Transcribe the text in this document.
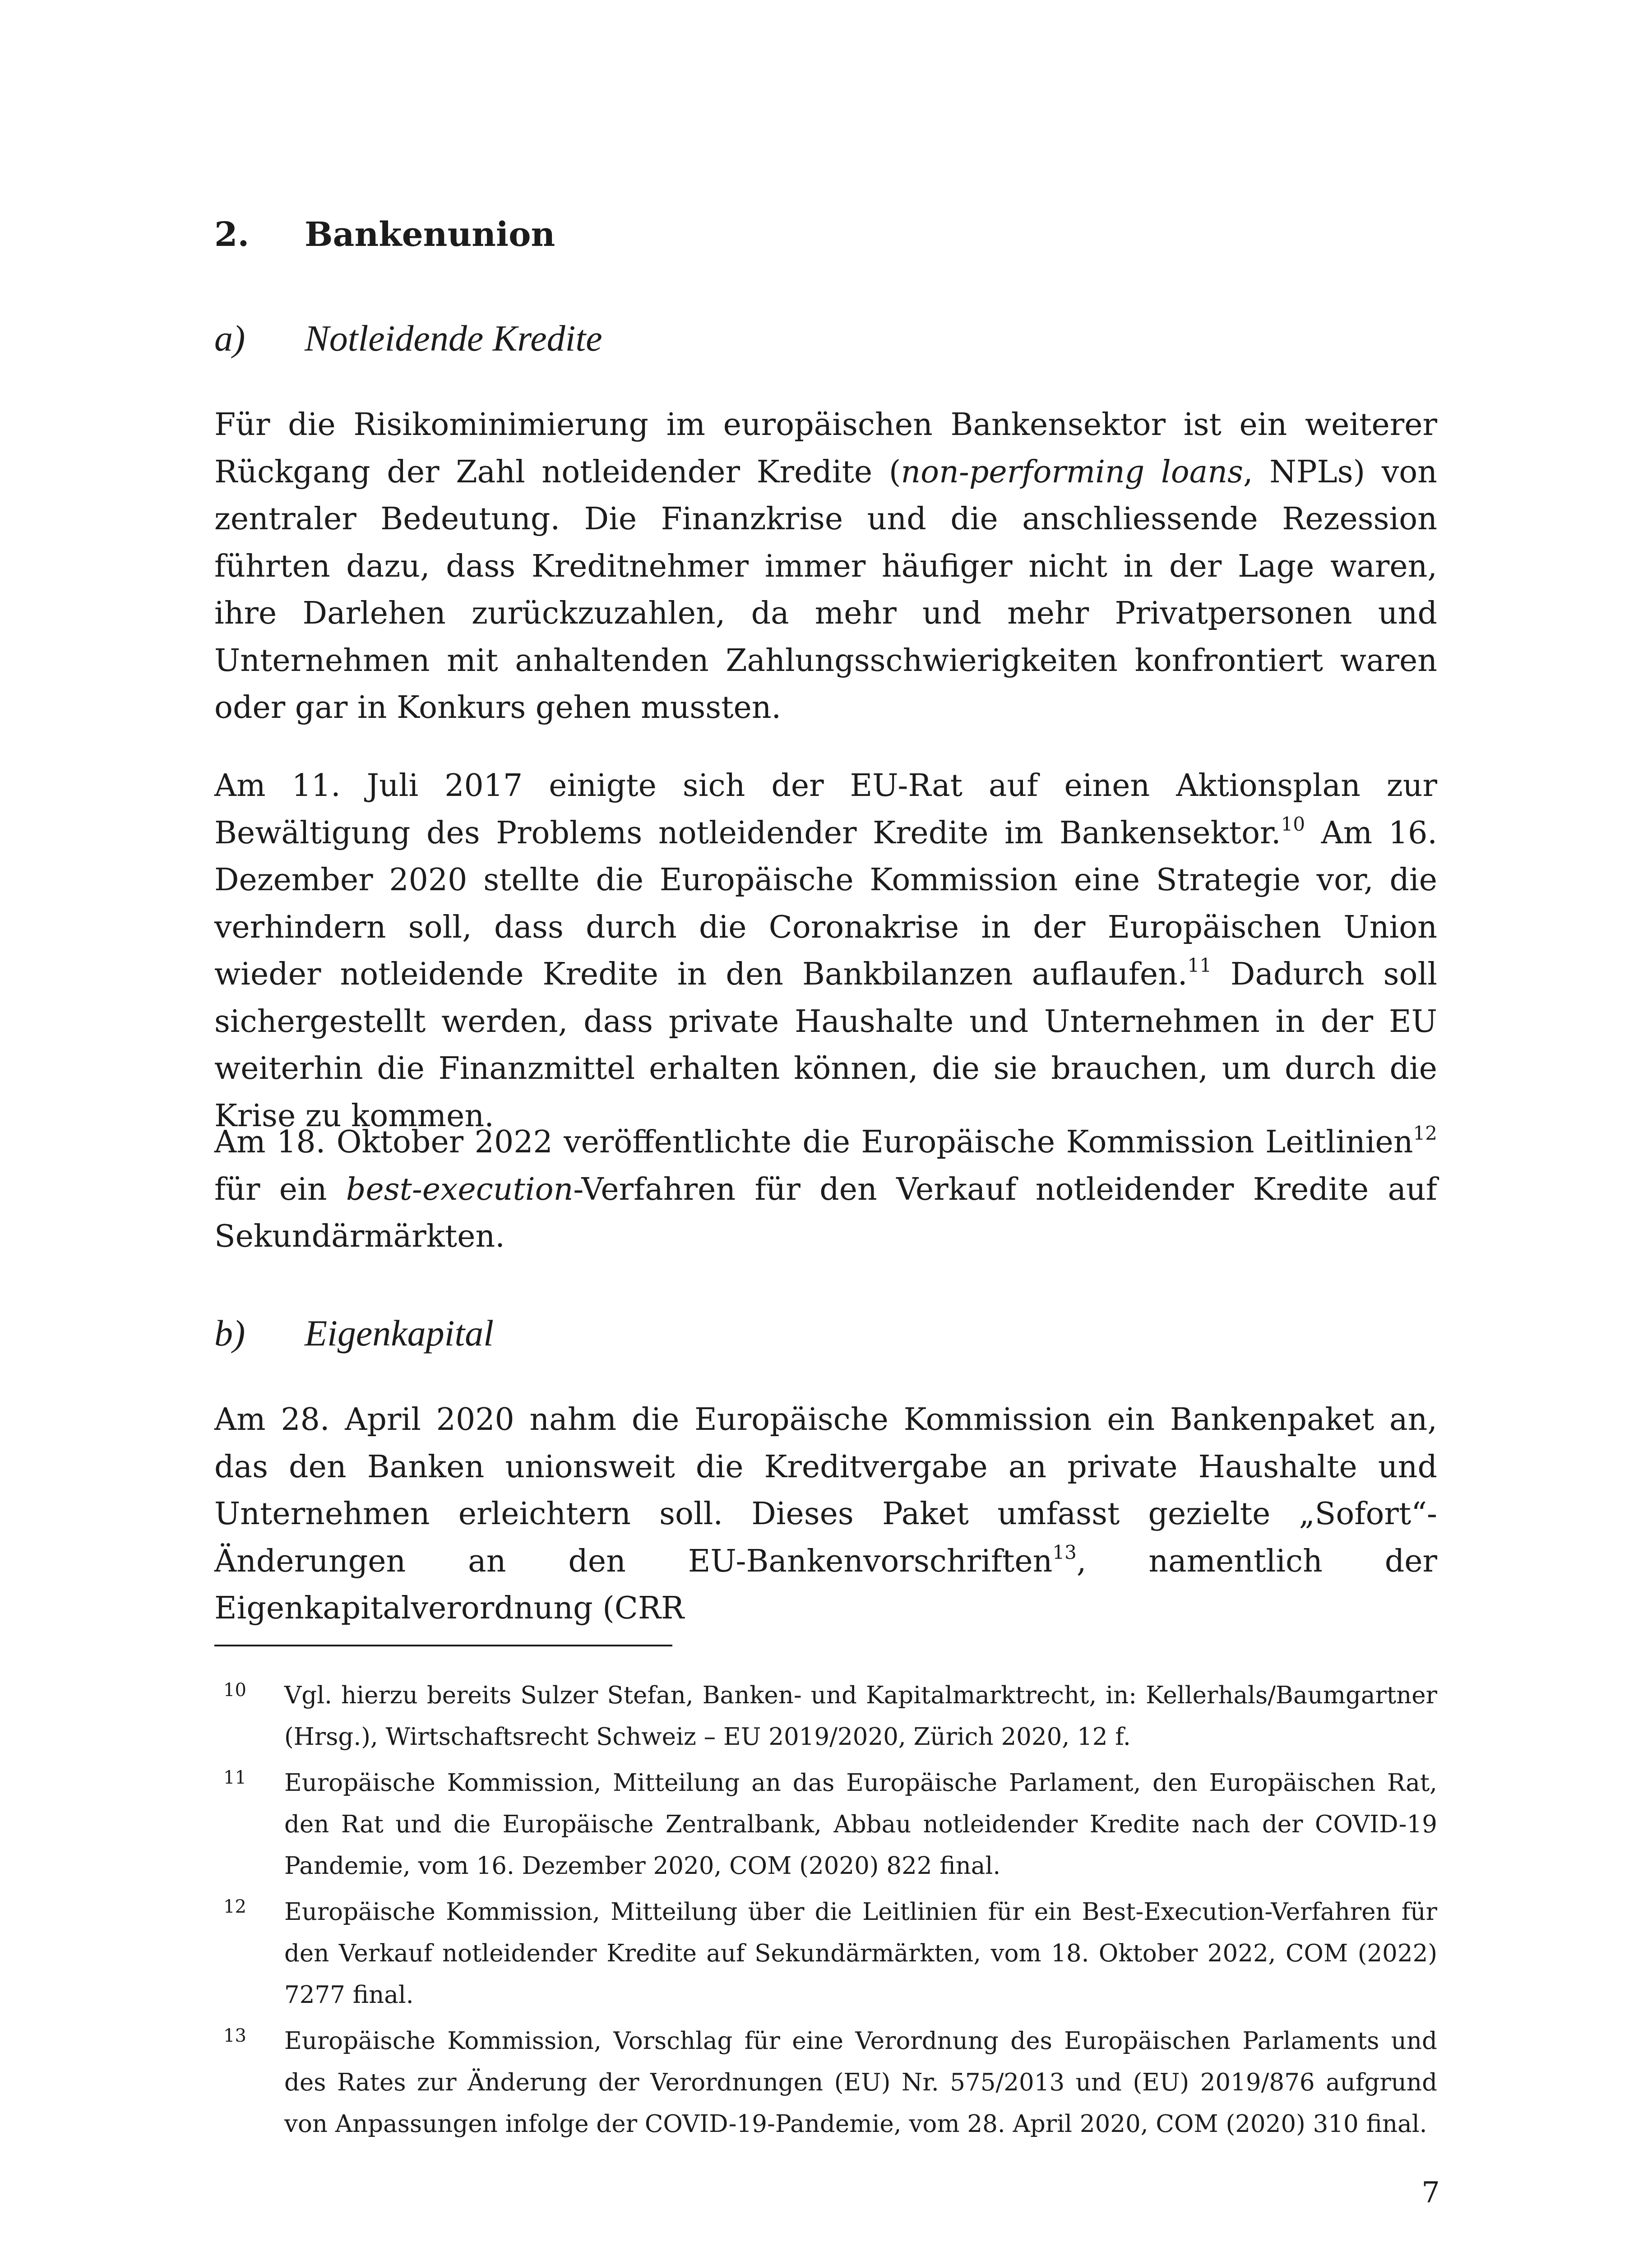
2. Bankenunion
a) Notleidende Kredite

Für die Risikominimierung im europäischen Bankensektor ist ein weiterer Rückgang der Zahl notleidender Kredite (non-performing loans, NPLs) von zentraler Bedeutung. Die Finanzkrise und die anschliessende Rezession führten dazu, dass Kreditnehmer immer häufiger nicht in der Lage waren, ihre Darlehen zurückzuzahlen, da mehr und mehr Privatpersonen und Unternehmen mit anhaltenden Zahlungsschwierigkeiten konfrontiert waren oder gar in Konkurs gehen mussten.

Am 11. Juli 2017 einigte sich der EU-Rat auf einen Aktionsplan zur Bewältigung des Problems notleidender Kredite im Bankensektor.$^{10}$ Am 16. Dezember 2020 stellte die Europäische Kommission eine Strategie vor, die verhindern soll, dass durch die Coronakrise in der Europäischen Union wieder notleidende Kredite in den Bankbilanzen auflaufen.$^{11}$ Dadurch soll sichergestellt werden, dass private Haushalte und Unternehmen in der EU weiterhin die Finanzmittel erhalten können, die sie brauchen, um durch die Krise zu kommen.

Am 18. Oktober 2022 veröffentlichte die Europäische Kommission Leitlinien$^{12}$ für ein best-execution-Verfahren für den Verkauf notleidender Kredite auf Sekundärmärkten.

b) Eigenkapital

Am 28. April 2020 nahm die Europäische Kommission ein Bankenpaket an, das den Banken unionsweit die Kreditvergabe an private Haushalte und Unternehmen erleichtern soll. Dieses Paket umfasst gezielte „Sofort“-Änderungen an den EU-Bankenvorschriften$^{13}$, namentlich der Eigenkapitalverordnung (CRR

10 Vgl. hierzu bereits Sulzer Stefan, Banken- und Kapitalmarktrecht, in: Kellerhals/Baumgartner (Hrsg.), Wirtschaftsrecht Schweiz – EU 2019/2020, Zürich 2020, 12 f.
11 Europäische Kommission, Mitteilung an das Europäische Parlament, den Europäischen Rat, den Rat und die Europäische Zentralbank, Abbau notleidender Kredite nach der COVID-19 Pandemie, vom 16. Dezember 2020, COM (2020) 822 final.
12 Europäische Kommission, Mitteilung über die Leitlinien für ein Best-Execution-Verfahren für den Verkauf notleidender Kredite auf Sekundärmärkten, vom 18. Oktober 2022, COM (2022) 7277 final.
13 Europäische Kommission, Vorschlag für eine Verordnung des Europäischen Parlaments und des Rates zur Änderung der Verordnungen (EU) Nr. 575/2013 und (EU) 2019/876 aufgrund von Anpassungen infolge der COVID-19-Pandemie, vom 28. April 2020, COM (2020) 310 final.
7
